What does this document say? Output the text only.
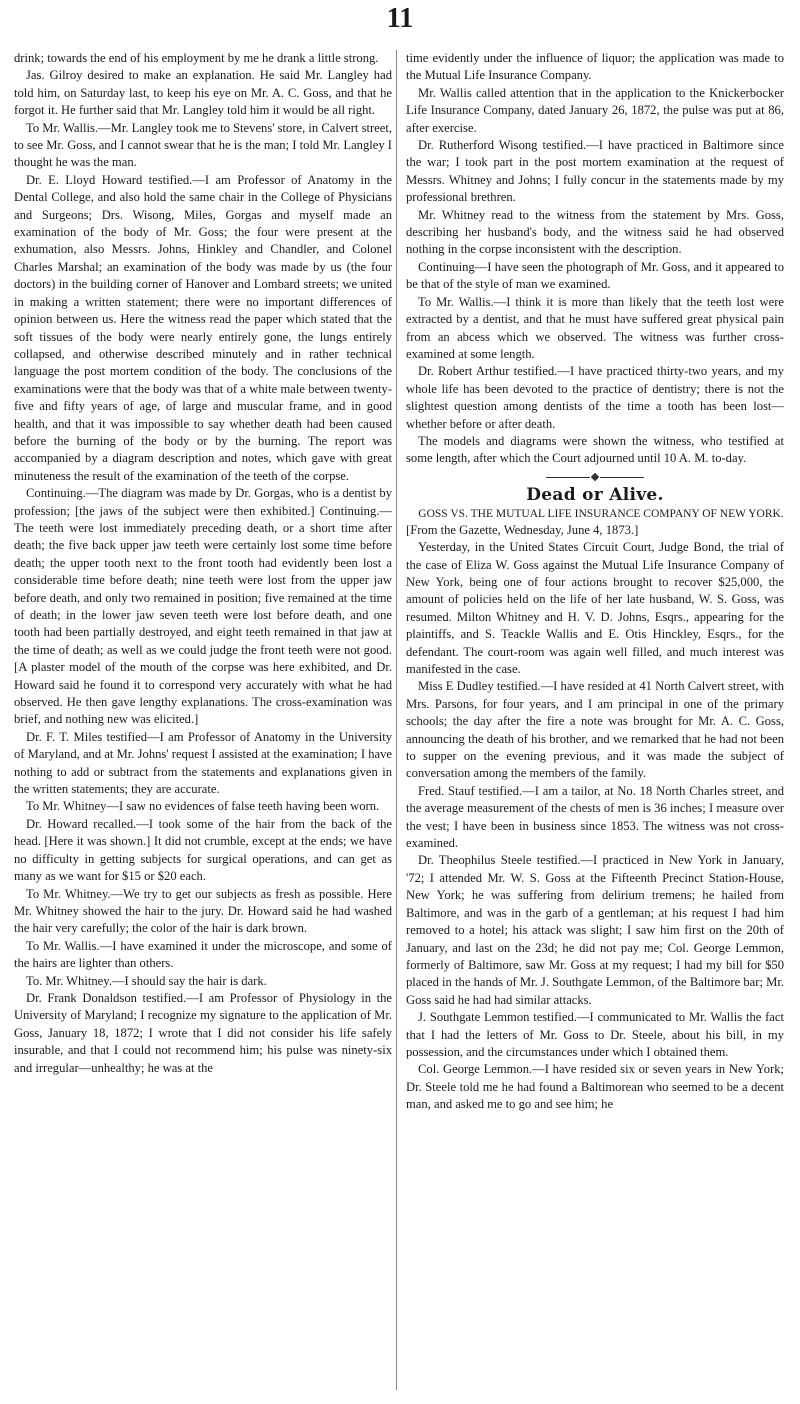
11

drink; towards the end of his employment by me he drank a little strong.

Jas. Gilroy desired to make an explanation. He said Mr. Langley had told him, on Saturday last, to keep his eye on Mr. A. C. Goss, and that he forgot it. He further said that Mr. Langley told him it would be all right.

To Mr. Wallis.—Mr. Langley took me to Stevens' store, in Calvert street, to see Mr. Goss, and I cannot swear that he is the man; I told Mr. Langley I thought he was the man.

Dr. E. Lloyd Howard testified.—I am Professor of Anatomy in the Dental College, and also hold the same chair in the College of Physicians and Surgeons; Drs. Wisong, Miles, Gorgas and myself made an examination of the body of Mr. Goss; the four were present at the exhumation, also Messrs. Johns, Hinkley and Chandler, and Colonel Charles Marshal; an examination of the body was made by us (the four doctors) in the building corner of Hanover and Lombard streets; we united in making a written statement; there were no important differences of opinion between us. Here the witness read the paper which stated that the soft tissues of the body were nearly entirely gone, the lungs entirely collapsed, and otherwise described minutely and in rather technical language the post mortem condition of the body. The conclusions of the examinations were that the body was that of a white male between twenty-five and fifty years of age, of large and muscular frame, and in good health, and that it was impossible to say whether death had been caused before the burning of the body or by the burning. The report was accompanied by a diagram description and notes, which gave with great minuteness the result of the examination of the teeth of the corpse.

Continuing.—The diagram was made by Dr. Gorgas, who is a dentist by profession; [the jaws of the subject were then exhibited.] Continuing.—The teeth were lost immediately preceding death, or a short time after death; the five back upper jaw teeth were certainly lost some time before death; the upper tooth next to the front tooth had evidently been lost a considerable time before death; nine teeth were lost from the upper jaw before death, and only two remained in position; five remained at the time of death; in the lower jaw seven teeth were lost before death, and one tooth had been partially destroyed, and eight teeth remained in that jaw at the time of death; as well as we could judge the front teeth were not good. [A plaster model of the mouth of the corpse was here exhibited, and Dr. Howard said he found it to correspond very accurately with what he had observed. He then gave lengthy explanations. The cross-examination was brief, and nothing new was elicited.]

Dr. F. T. Miles testified—I am Professor of Anatomy in the University of Maryland, and at Mr. Johns' request I assisted at the examination; I have nothing to add or subtract from the statements and explanations given in the written statements; they are accurate.

To Mr. Whitney—I saw no evidences of false teeth having been worn.

Dr. Howard recalled.—I took some of the hair from the back of the head. [Here it was shown.] It did not crumble, except at the ends; we have no difficulty in getting subjects for surgical operations, and can get as many as we want for $15 or $20 each.

To Mr. Whitney.—We try to get our subjects as fresh as possible. Here Mr. Whitney showed the hair to the jury. Dr. Howard said he had washed the hair very carefully; the color of the hair is dark brown.

To Mr. Wallis.—I have examined it under the microscope, and some of the hairs are lighter than others.

To. Mr. Whitney.—I should say the hair is dark.

Dr. Frank Donaldson testified.—I am Professor of Physiology in the University of Maryland; I recognize my signature to the application of Mr. Goss, January 18, 1872; I wrote that I did not consider his life safely insurable, and that I could not recommend him; his pulse was ninety-six and irregular—unhealthy; he was at the

time evidently under the influence of liquor; the application was made to the Mutual Life Insurance Company.

Mr. Wallis called attention that in the application to the Knickerbocker Life Insurance Company, dated January 26, 1872, the pulse was put at 86, after exercise.

Dr. Rutherford Wisong testified.—I have practiced in Baltimore since the war; I took part in the post mortem examination at the request of Messrs. Whitney and Johns; I fully concur in the statements made by my professional brethren.

Mr. Whitney read to the witness from the statement by Mrs. Goss, describing her husband's body, and the witness said he had observed nothing in the corpse inconsistent with the description.

Continuing—I have seen the photograph of Mr. Goss, and it appeared to be that of the style of man we examined.

To Mr. Wallis.—I think it is more than likely that the teeth lost were extracted by a dentist, and that he must have suffered great physical pain from an abcess which we observed. The witness was further cross-examined at some length.

Dr. Robert Arthur testified.—I have practiced thirty-two years, and my whole life has been devoted to the practice of dentistry; there is not the slightest question among dentists of the time a tooth has been lost—whether before or after death.

The models and diagrams were shown the witness, who testified at some length, after which the Court adjourned until 10 A. M. to-day.

Dead or Alive.

GOSS VS. THE MUTUAL LIFE INSURANCE COMPANY OF NEW YORK.

[From the Gazette, Wednesday, June 4, 1873.]

Yesterday, in the United States Circuit Court, Judge Bond, the trial of the case of Eliza W. Goss against the Mutual Life Insurance Company of New York, being one of four actions brought to recover $25,000, the amount of policies held on the life of her late husband, W. S. Goss, was resumed. Milton Whitney and H. V. D. Johns, Esqrs., appearing for the plaintiffs, and S. Teackle Wallis and E. Otis Hinckley, Esqrs., for the defendant. The court-room was again well filled, and much interest was manifested in the case.

Miss E Dudley testified.—I have resided at 41 North Calvert street, with Mrs. Parsons, for four years, and I am principal in one of the primary schools; the day after the fire a note was brought for Mr. A. C. Goss, announcing the death of his brother, and we remarked that he had not been to supper on the evening previous, and it was made the subject of conversation among the members of the family.

Fred. Stauf testified.—I am a tailor, at No. 18 North Charles street, and the average measurement of the chests of men is 36 inches; I measure over the vest; I have been in business since 1853. The witness was not cross-examined.

Dr. Theophilus Steele testified.—I practiced in New York in January, '72; I attended Mr. W. S. Goss at the Fifteenth Precinct Station-House, New York; he was suffering from delirium tremens; he hailed from Baltimore, and was in the garb of a gentleman; at his request I had him removed to a hotel; his attack was slight; I saw him first on the 20th of January, and last on the 23d; he did not pay me; Col. George Lemmon, formerly of Baltimore, saw Mr. Goss at my request; I had my bill for $50 placed in the hands of Mr. J. Southgate Lemmon, of the Baltimore bar; Mr. Goss said he had had similar attacks.

J. Southgate Lemmon testified.—I communicated to Mr. Wallis the fact that I had the letters of Mr. Goss to Dr. Steele, about his bill, in my possession, and the circumstances under which I obtained them.

Col. George Lemmon.—I have resided six or seven years in New York; Dr. Steele told me he had found a Baltimorean who seemed to be a decent man, and asked me to go and see him; he
